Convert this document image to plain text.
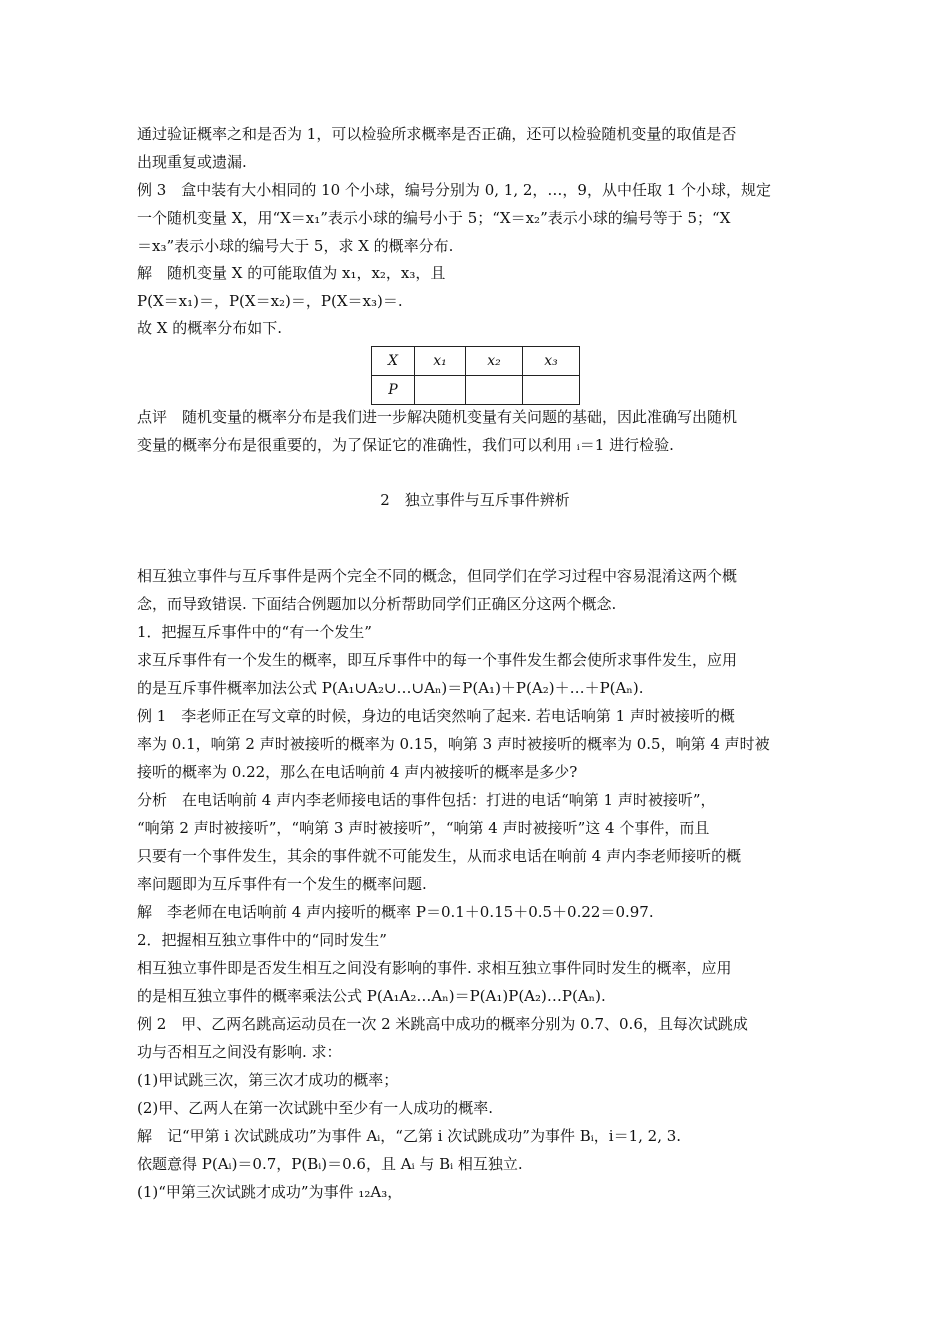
通过验证概率之和是否为 1，可以检验所求概率是否正确，还可以检验随机变量的取值是否
出现重复或遗漏.
例 3　盒中装有大小相同的 10 个小球，编号分别为 0, 1, 2，…，9，从中任取 1 个小球，规定
一个随机变量 X，用“X＝x₁”表示小球的编号小于 5；“X＝x₂”表示小球的编号等于 5；“X
＝x₃”表示小球的编号大于 5，求 X 的概率分布.
解　随机变量 X 的可能取值为 x₁，x₂，x₃，且
P(X＝x₁)＝，P(X＝x₂)＝，P(X＝x₃)＝.
故 X 的概率分布如下.
X	x₁	x₂	x₃
P			
点评　随机变量的概率分布是我们进一步解决随机变量有关问题的基础，因此准确写出随机
变量的概率分布是很重要的，为了保证它的准确性，我们可以利用 ᵢ＝1 进行检验.
2　独立事件与互斥事件辨析
相互独立事件与互斥事件是两个完全不同的概念，但同学们在学习过程中容易混淆这两个概
念，而导致错误. 下面结合例题加以分析帮助同学们正确区分这两个概念.
1．把握互斥事件中的“有一个发生”
求互斥事件有一个发生的概率，即互斥事件中的每一个事件发生都会使所求事件发生，应用
的是互斥事件概率加法公式 P(A₁∪A₂∪…∪Aₙ)＝P(A₁)＋P(A₂)＋…＋P(Aₙ).
例 1　李老师正在写文章的时候，身边的电话突然响了起来. 若电话响第 1 声时被接听的概
率为 0.1，响第 2 声时被接听的概率为 0.15，响第 3 声时被接听的概率为 0.5，响第 4 声时被
接听的概率为 0.22，那么在电话响前 4 声内被接听的概率是多少?
分析　在电话响前 4 声内李老师接电话的事件包括：打进的电话“响第 1 声时被接听”，
“响第 2 声时被接听”，“响第 3 声时被接听”，“响第 4 声时被接听”这 4 个事件，而且
只要有一个事件发生，其余的事件就不可能发生，从而求电话在响前 4 声内李老师接听的概
率问题即为互斥事件有一个发生的概率问题.
解　李老师在电话响前 4 声内接听的概率 P＝0.1＋0.15＋0.5＋0.22＝0.97.
2．把握相互独立事件中的“同时发生”
相互独立事件即是否发生相互之间没有影响的事件. 求相互独立事件同时发生的概率，应用
的是相互独立事件的概率乘法公式 P(A₁A₂…Aₙ)＝P(A₁)P(A₂)…P(Aₙ).
例 2　甲、乙两名跳高运动员在一次 2 米跳高中成功的概率分别为 0.7、0.6，且每次试跳成
功与否相互之间没有影响. 求：
(1)甲试跳三次，第三次才成功的概率；
(2)甲、乙两人在第一次试跳中至少有一人成功的概率.
解　记“甲第 i 次试跳成功”为事件 Aᵢ，“乙第 i 次试跳成功”为事件 Bᵢ，i＝1, 2, 3.
依题意得 P(Aᵢ)＝0.7，P(Bᵢ)＝0.6，且 Aᵢ 与 Bᵢ 相互独立.
(1)“甲第三次试跳才成功”为事件 ₁₂A₃，
